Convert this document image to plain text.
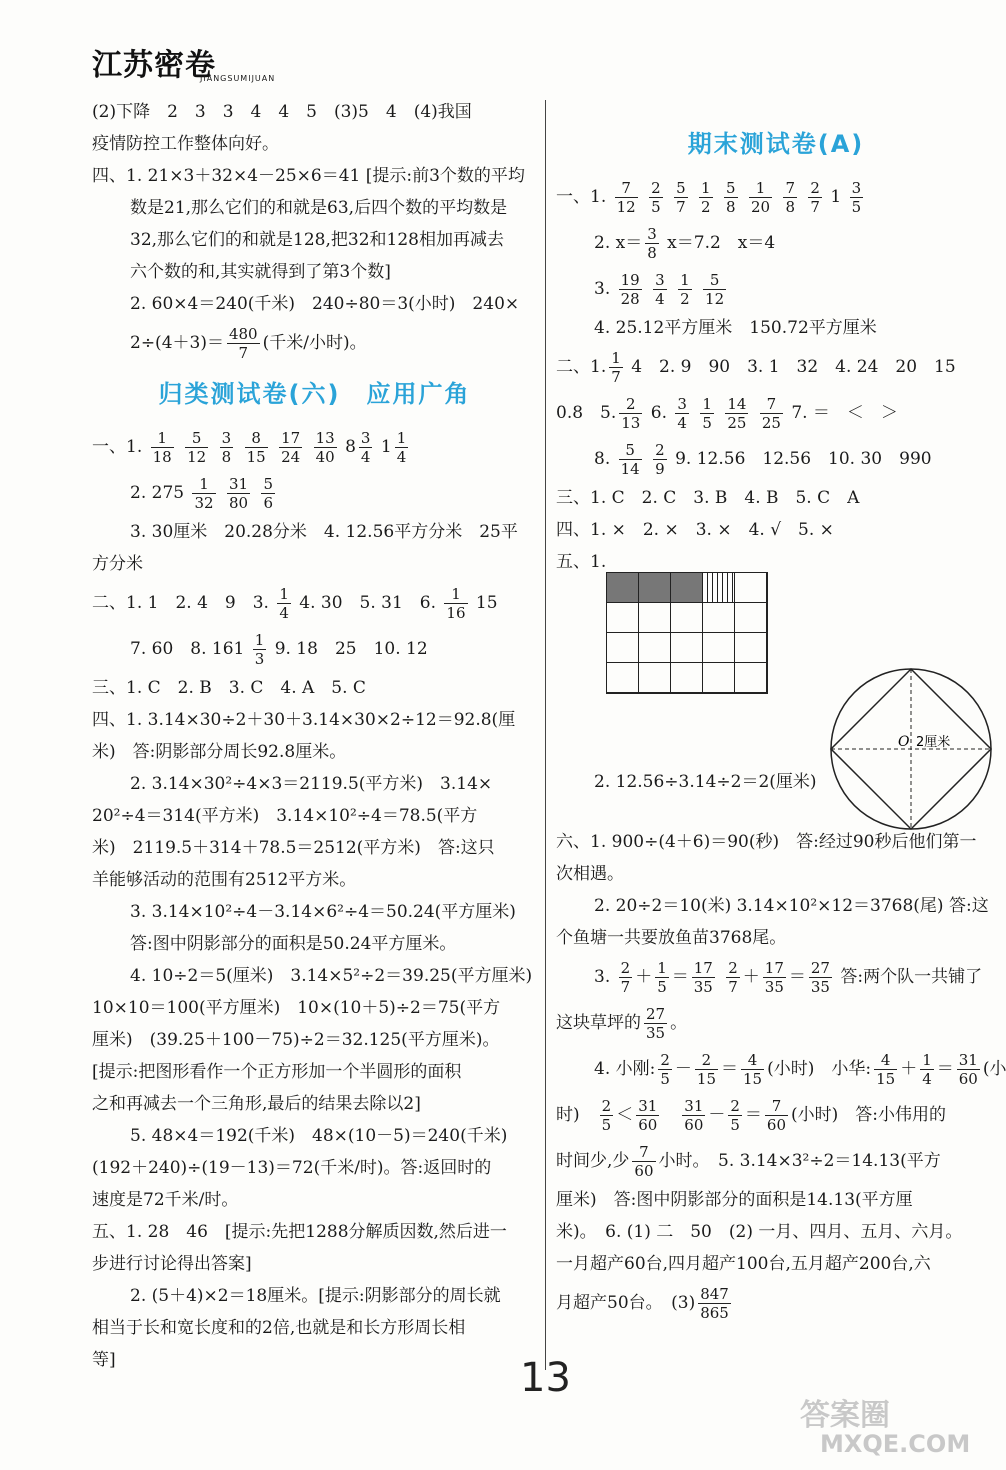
江苏密卷
JIANGSUMIJUAN
(2)下降　2　3　3　4　4　5　(3)5　4　(4)我国
疫情防控工作整体向好。
四、1. 21×3＋32×4－25×6＝41 [提示:前3个数的平均
数是21,那么它们的和就是63,后四个数的平均数是
32,那么它们的和就是128,把32和128相加再减去
六个数的和,其实就得到了第3个数]
2. 60×4＝240(千米)　240÷80＝3(小时)　240×
$2\div(4+3)= \frac{480}{7}$ (千米/小时)。
归类测试卷(六)　应用广角
一、1. $\frac{1}{18}$
$\frac{5}{12}$
$\frac{3}{8}$
$\frac{8}{15}$
$\frac{17}{24}$
$\frac{13}{40} 8 \frac{3}{4} 1 \frac{1}{4}$
2. $275 \frac{1}{32}$
$\frac{31}{80}$
$\frac{5}{6}$
3. 30厘米　20.28分米　4. 12.56平方分米　25平
方分米
二、1. 1　2. 4　9　3. $\frac{1}{4} 4$. 30　5. 31　6. $\frac{1}{16} 15$
7. 60　8. $161 \frac{1}{3} 9$. 18　25　10. 12
三、1. C　2. B　3. C　4. A　5. C
四、1. 3.14×30÷2＋30＋3.14×30×2÷12＝92.8(厘
米)　答:阴影部分周长92.8厘米。
2. 3.14×30²÷4×3＝2119.5(平方米)　3.14×
20²÷4＝314(平方米)　3.14×10²÷4＝78.5(平方
米)　2119.5＋314＋78.5＝2512(平方米)　答:这只
羊能够活动的范围有2512平方米。
3. 3.14×10²÷4－3.14×6²÷4＝50.24(平方厘米)
答:图中阴影部分的面积是50.24平方厘米。
4. 10÷2＝5(厘米)　3.14×5²÷2＝39.25(平方厘米)
10×10＝100(平方厘米)　10×(10＋5)÷2＝75(平方
厘米)　(39.25＋100－75)÷2＝32.125(平方厘米)。
[提示:把图形看作一个正方形加一个半圆形的面积
之和再减去一个三角形,最后的结果去除以2]
5. 48×4＝192(千米)　48×(10－5)＝240(千米)
(192＋240)÷(19－13)＝72(千米/时)。答:返回时的
速度是72千米/时。
五、1. 28　46　[提示:先把1288分解质因数,然后进一
步进行讨论得出答案]
2. (5＋4)×2＝18厘米。[提示:阴影部分的周长就
相当于长和宽长度和的2倍,也就是和长方形周长相
等]
期末测试卷(A)
一、1. $\frac{7}{12}$
$\frac{2}{5}$
$\frac{5}{7}$
$\frac{1}{2}$
$\frac{5}{8}$
$\frac{1}{20}$
$\frac{7}{8}$
$\frac{2}{7} 1 \frac{3}{5}$
2. $x= \frac{3}{8} x=7.2$　x＝4
3. $\frac{19}{28}$
$\frac{3}{4}$
$\frac{1}{2}$
$\frac{5}{12}$
4. 25.12平方厘米　150.72平方厘米
二、1. $\frac{1}{7} 4$　2. 9　90　3. 1　32　4. 24　20　15
0.8　5. $\frac{2}{13} 6$. $\frac{3}{4}$
$\frac{1}{5}$
$\frac{14}{25}$
$\frac{7}{25} 7$. ＝　＜　＞
8. $\frac{5}{14}$
$\frac{2}{9} 9$. 12.56　12.56　10. 30　990
三、1. C　2. C　3. B　4. B　5. C　A
四、1. ×　2. ×　3. ×　4. √　5. ×
五、1.
2. 12.56÷3.14÷2＝2(厘米)
O 2厘米
六、1. 900÷(4＋6)＝90(秒)　答:经过90秒后他们第一
次相遇。
2. 20÷2＝10(米) 3.14×10²×12＝3768(尾) 答:这
个鱼塘一共要放鱼苗3768尾。
3. $\frac{2}{7} + \frac{1}{5} = \frac{17}{35}$
$\frac{2}{7} + \frac{17}{35} = \frac{27}{35}$ 答:两个队一共铺了
这块草坪的 $\frac{27}{35}$ 。
4. 小刚: $\frac{2}{5} - \frac{2}{15} = \frac{4}{15}$ (小时)　小华: $\frac{4}{15} + \frac{1}{4} = \frac{31}{60}$ (小
时)　 $\frac{2}{5} < \frac{31}{60}$
　 $\frac{31}{60} - \frac{2}{5} = \frac{7}{60}$ (小时)　答:小伟用的
时间少,少 $\frac{7}{60}$ 小时。　5. 3.14×3²÷2＝14.13(平方
厘米)　答:图中阴影部分的面积是14.13(平方厘
米)。　6. (1) 二　50　(2) 一月、四月、五月、六月。
一月超产60台,四月超产100台,五月超产200台,六
月超产50台。　$(3) \frac{847}{865}$
13
答案圈
MXQE.COM
